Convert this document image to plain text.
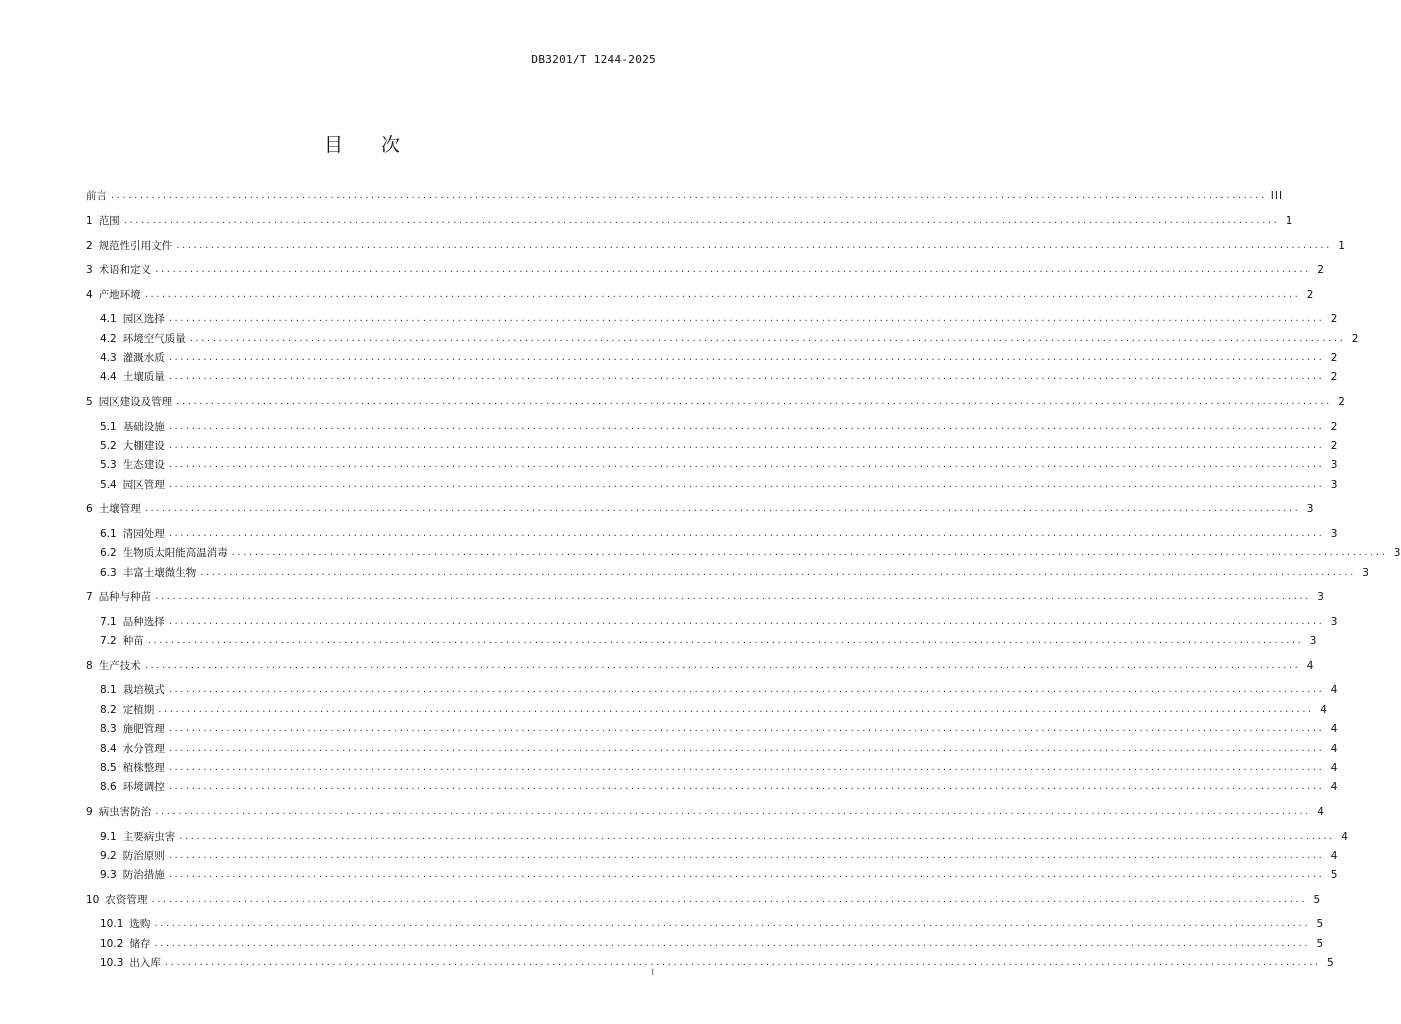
DB3201/T 1244-2025
目 次
前言 ........................................................................................................................................................................................................ III
1 范围 ........................................................................................................................................................................................................ 1
2 规范性引用文件 ........................................................................................................................................................................................................ 1
3 术语和定义 ........................................................................................................................................................................................................ 2
4 产地环境 ........................................................................................................................................................................................................ 2
4.1 园区选择 ........................................................................................................................................................................................................ 2
4.2 环境空气质量 ........................................................................................................................................................................................................ 2
4.3 灌溉水质 ........................................................................................................................................................................................................ 2
4.4 土壤质量 ........................................................................................................................................................................................................ 2
5 园区建设及管理 ........................................................................................................................................................................................................ 2
5.1 基础设施 ........................................................................................................................................................................................................ 2
5.2 大棚建设 ........................................................................................................................................................................................................ 2
5.3 生态建设 ........................................................................................................................................................................................................ 3
5.4 园区管理 ........................................................................................................................................................................................................ 3
6 土壤管理 ........................................................................................................................................................................................................ 3
6.1 清园处理 ........................................................................................................................................................................................................ 3
6.2 生物质太阳能高温消毒 ........................................................................................................................................................................................................ 3
6.3 丰富土壤微生物 ........................................................................................................................................................................................................ 3
7 品种与种苗 ........................................................................................................................................................................................................ 3
7.1 品种选择 ........................................................................................................................................................................................................ 3
7.2 种苗 ........................................................................................................................................................................................................ 3
8 生产技术 ........................................................................................................................................................................................................ 4
8.1 栽培模式 ........................................................................................................................................................................................................ 4
8.2 定植期 ........................................................................................................................................................................................................ 4
8.3 施肥管理 ........................................................................................................................................................................................................ 4
8.4 水分管理 ........................................................................................................................................................................................................ 4
8.5 植株整理 ........................................................................................................................................................................................................ 4
8.6 环境调控 ........................................................................................................................................................................................................ 4
9 病虫害防治 ........................................................................................................................................................................................................ 4
9.1 主要病虫害 ........................................................................................................................................................................................................ 4
9.2 防治原则 ........................................................................................................................................................................................................ 4
9.3 防治措施 ........................................................................................................................................................................................................ 5
10 农资管理 ........................................................................................................................................................................................................ 5
10.1 选购 ........................................................................................................................................................................................................ 5
10.2 储存 ........................................................................................................................................................................................................ 5
10.3 出入库 ........................................................................................................................................................................................................ 5
I
